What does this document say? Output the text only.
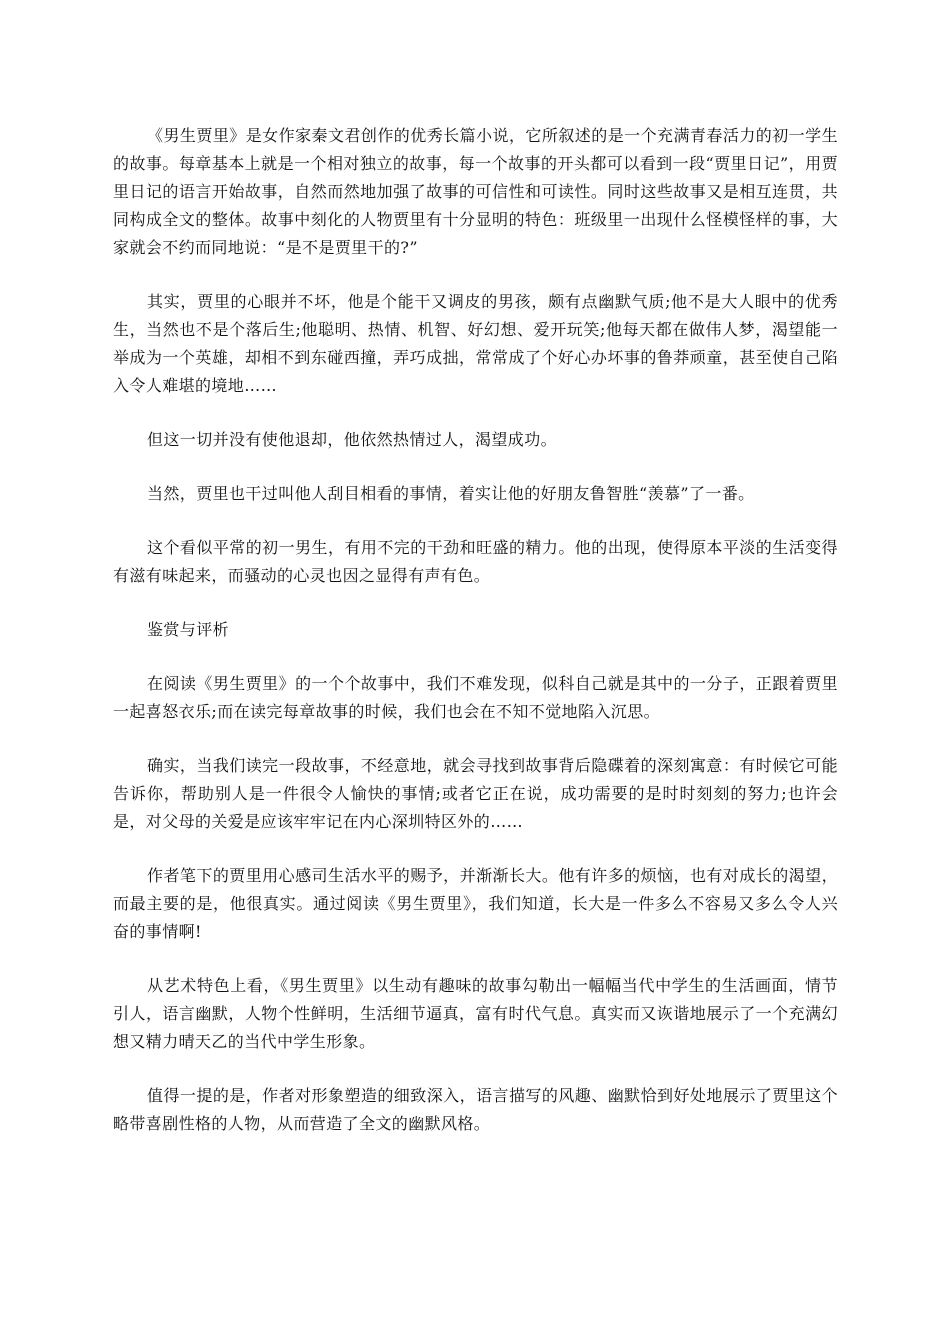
《男生贾里》是女作家秦文君创作的优秀长篇小说，它所叙述的是一个充满青春活力的初一学生的故事。每章基本上就是一个相对独立的故事，每一个故事的开头都可以看到一段“贾里日记”，用贾里日记的语言开始故事，自然而然地加强了故事的可信性和可读性。同时这些故事又是相互连贯，共同构成全文的整体。故事中刻化的人物贾里有十分显明的特色：班级里一出现什么怪模怪样的事，大家就会不约而同地说：“是不是贾里干的?”

其实，贾里的心眼并不坏，他是个能干又调皮的男孩，颇有点幽默气质;他不是大人眼中的优秀生，当然也不是个落后生;他聪明、热情、机智、好幻想、爱开玩笑;他每天都在做伟人梦，渴望能一举成为一个英雄，却相不到东碰西撞，弄巧成拙，常常成了个好心办坏事的鲁莽顽童，甚至使自己陷入令人难堪的境地……

但这一切并没有使他退却，他依然热情过人，渴望成功。

当然，贾里也干过叫他人刮目相看的事情，着实让他的好朋友鲁智胜“羡慕”了一番。

这个看似平常的初一男生，有用不完的干劲和旺盛的精力。他的出现，使得原本平淡的生活变得有滋有味起来，而骚动的心灵也因之显得有声有色。

鉴赏与评析

在阅读《男生贾里》的一个个故事中，我们不难发现，似科自己就是其中的一分子，正跟着贾里一起喜怒衣乐;而在读完每章故事的时候，我们也会在不知不觉地陷入沉思。

确实，当我们读完一段故事，不经意地，就会寻找到故事背后隐碟着的深刻寓意：有时候它可能告诉你，帮助别人是一件很令人愉快的事情;或者它正在说，成功需要的是时时刻刻的努力;也许会是，对父母的关爱是应该牢牢记在内心深圳特区外的……

作者笔下的贾里用心感司生活水平的赐予，并渐渐长大。他有许多的烦恼，也有对成长的渴望，而最主要的是，他很真实。通过阅读《男生贾里》，我们知道，长大是一件多么不容易又多么令人兴奋的事情啊!

从艺术特色上看，《男生贾里》以生动有趣味的故事勾勒出一幅幅当代中学生的生活画面，情节引人，语言幽默，人物个性鲜明，生活细节逼真，富有时代气息。真实而又诙谐地展示了一个充满幻想又精力晴天乙的当代中学生形象。

值得一提的是，作者对形象塑造的细致深入，语言描写的风趣、幽默恰到好处地展示了贾里这个略带喜剧性格的人物，从而营造了全文的幽默风格。
